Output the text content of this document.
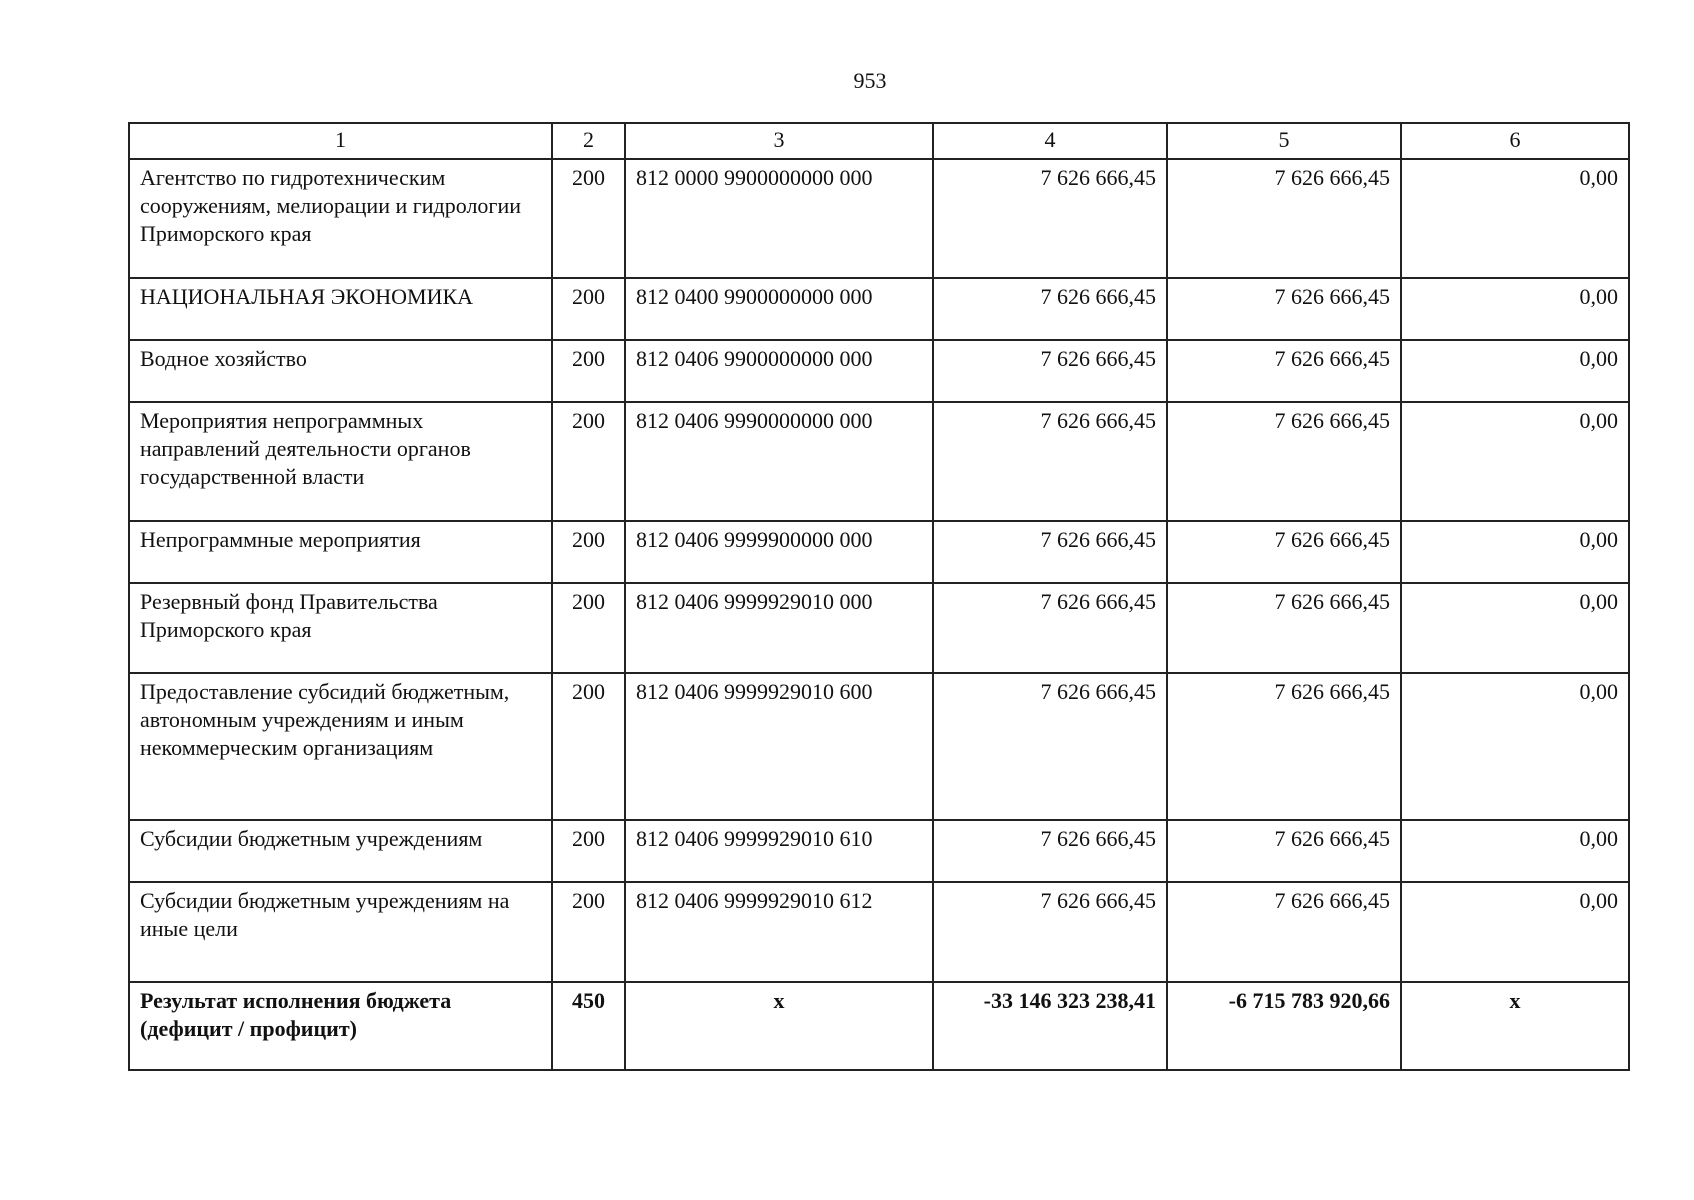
953
1	2	3	4	5	6
Агентство по гидротехническим сооружениям, мелиорации и гидрологии Приморского края	200	812 0000 9900000000 000	7 626 666,45	7 626 666,45	0,00
НАЦИОНАЛЬНАЯ ЭКОНОМИКА	200	812 0400 9900000000 000	7 626 666,45	7 626 666,45	0,00
Водное хозяйство	200	812 0406 9900000000 000	7 626 666,45	7 626 666,45	0,00
Мероприятия непрограммных направлений деятельности органов государственной власти	200	812 0406 9990000000 000	7 626 666,45	7 626 666,45	0,00
Непрограммные мероприятия	200	812 0406 9999900000 000	7 626 666,45	7 626 666,45	0,00
Резервный фонд Правительства Приморского края	200	812 0406 9999929010 000	7 626 666,45	7 626 666,45	0,00
Предоставление субсидий бюджетным, автономным учреждениям и иным некоммерческим организациям	200	812 0406 9999929010 600	7 626 666,45	7 626 666,45	0,00
Субсидии бюджетным учреждениям	200	812 0406 9999929010 610	7 626 666,45	7 626 666,45	0,00
Субсидии бюджетным учреждениям на иные цели	200	812 0406 9999929010 612	7 626 666,45	7 626 666,45	0,00
Результат исполнения бюджета (дефицит / профицит)	450	x	-33 146 323 238,41	-6 715 783 920,66	x
